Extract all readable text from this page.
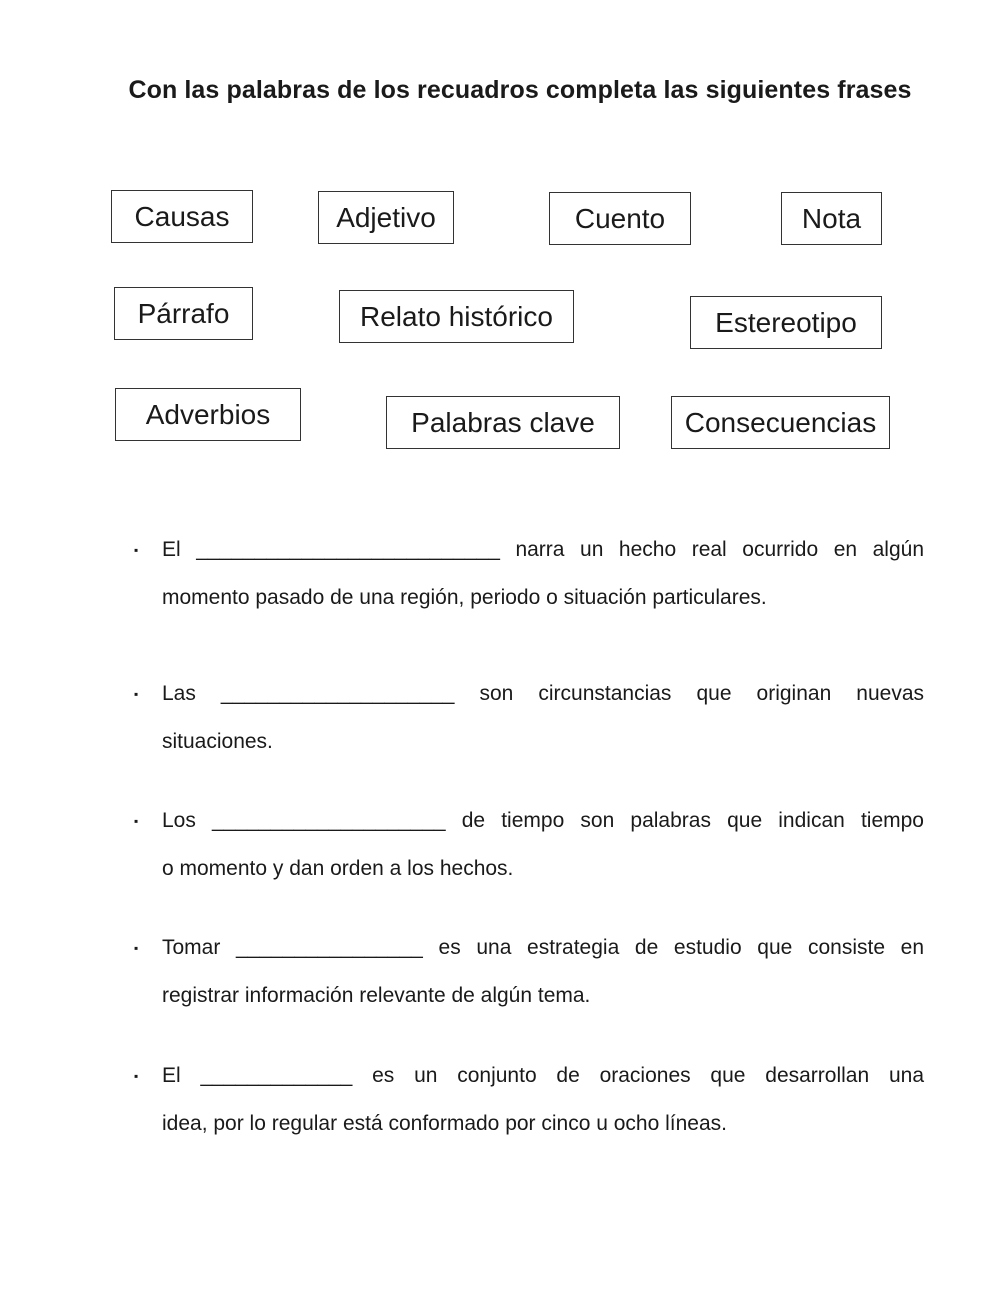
Con las palabras de los recuadros completa las siguientes frases
Causas	Adjetivo	Cuento	Nota
Párrafo	Relato histórico	Estereotipo
Adverbios	Palabras clave	Consecuencias
▪ El __________________________ narra un hecho real ocurrido en algún
momento pasado de una región, periodo o situación particulares.
▪ Las ____________________ son circunstancias que originan nuevas
situaciones.
▪ Los ____________________ de tiempo son palabras que indican tiempo
o momento y dan orden a los hechos.
▪ Tomar ________________ es una estrategia de estudio que consiste en
registrar información relevante de algún tema.
▪ El _____________ es un conjunto de oraciones que desarrollan una
idea, por lo regular está conformado por cinco u ocho líneas.
